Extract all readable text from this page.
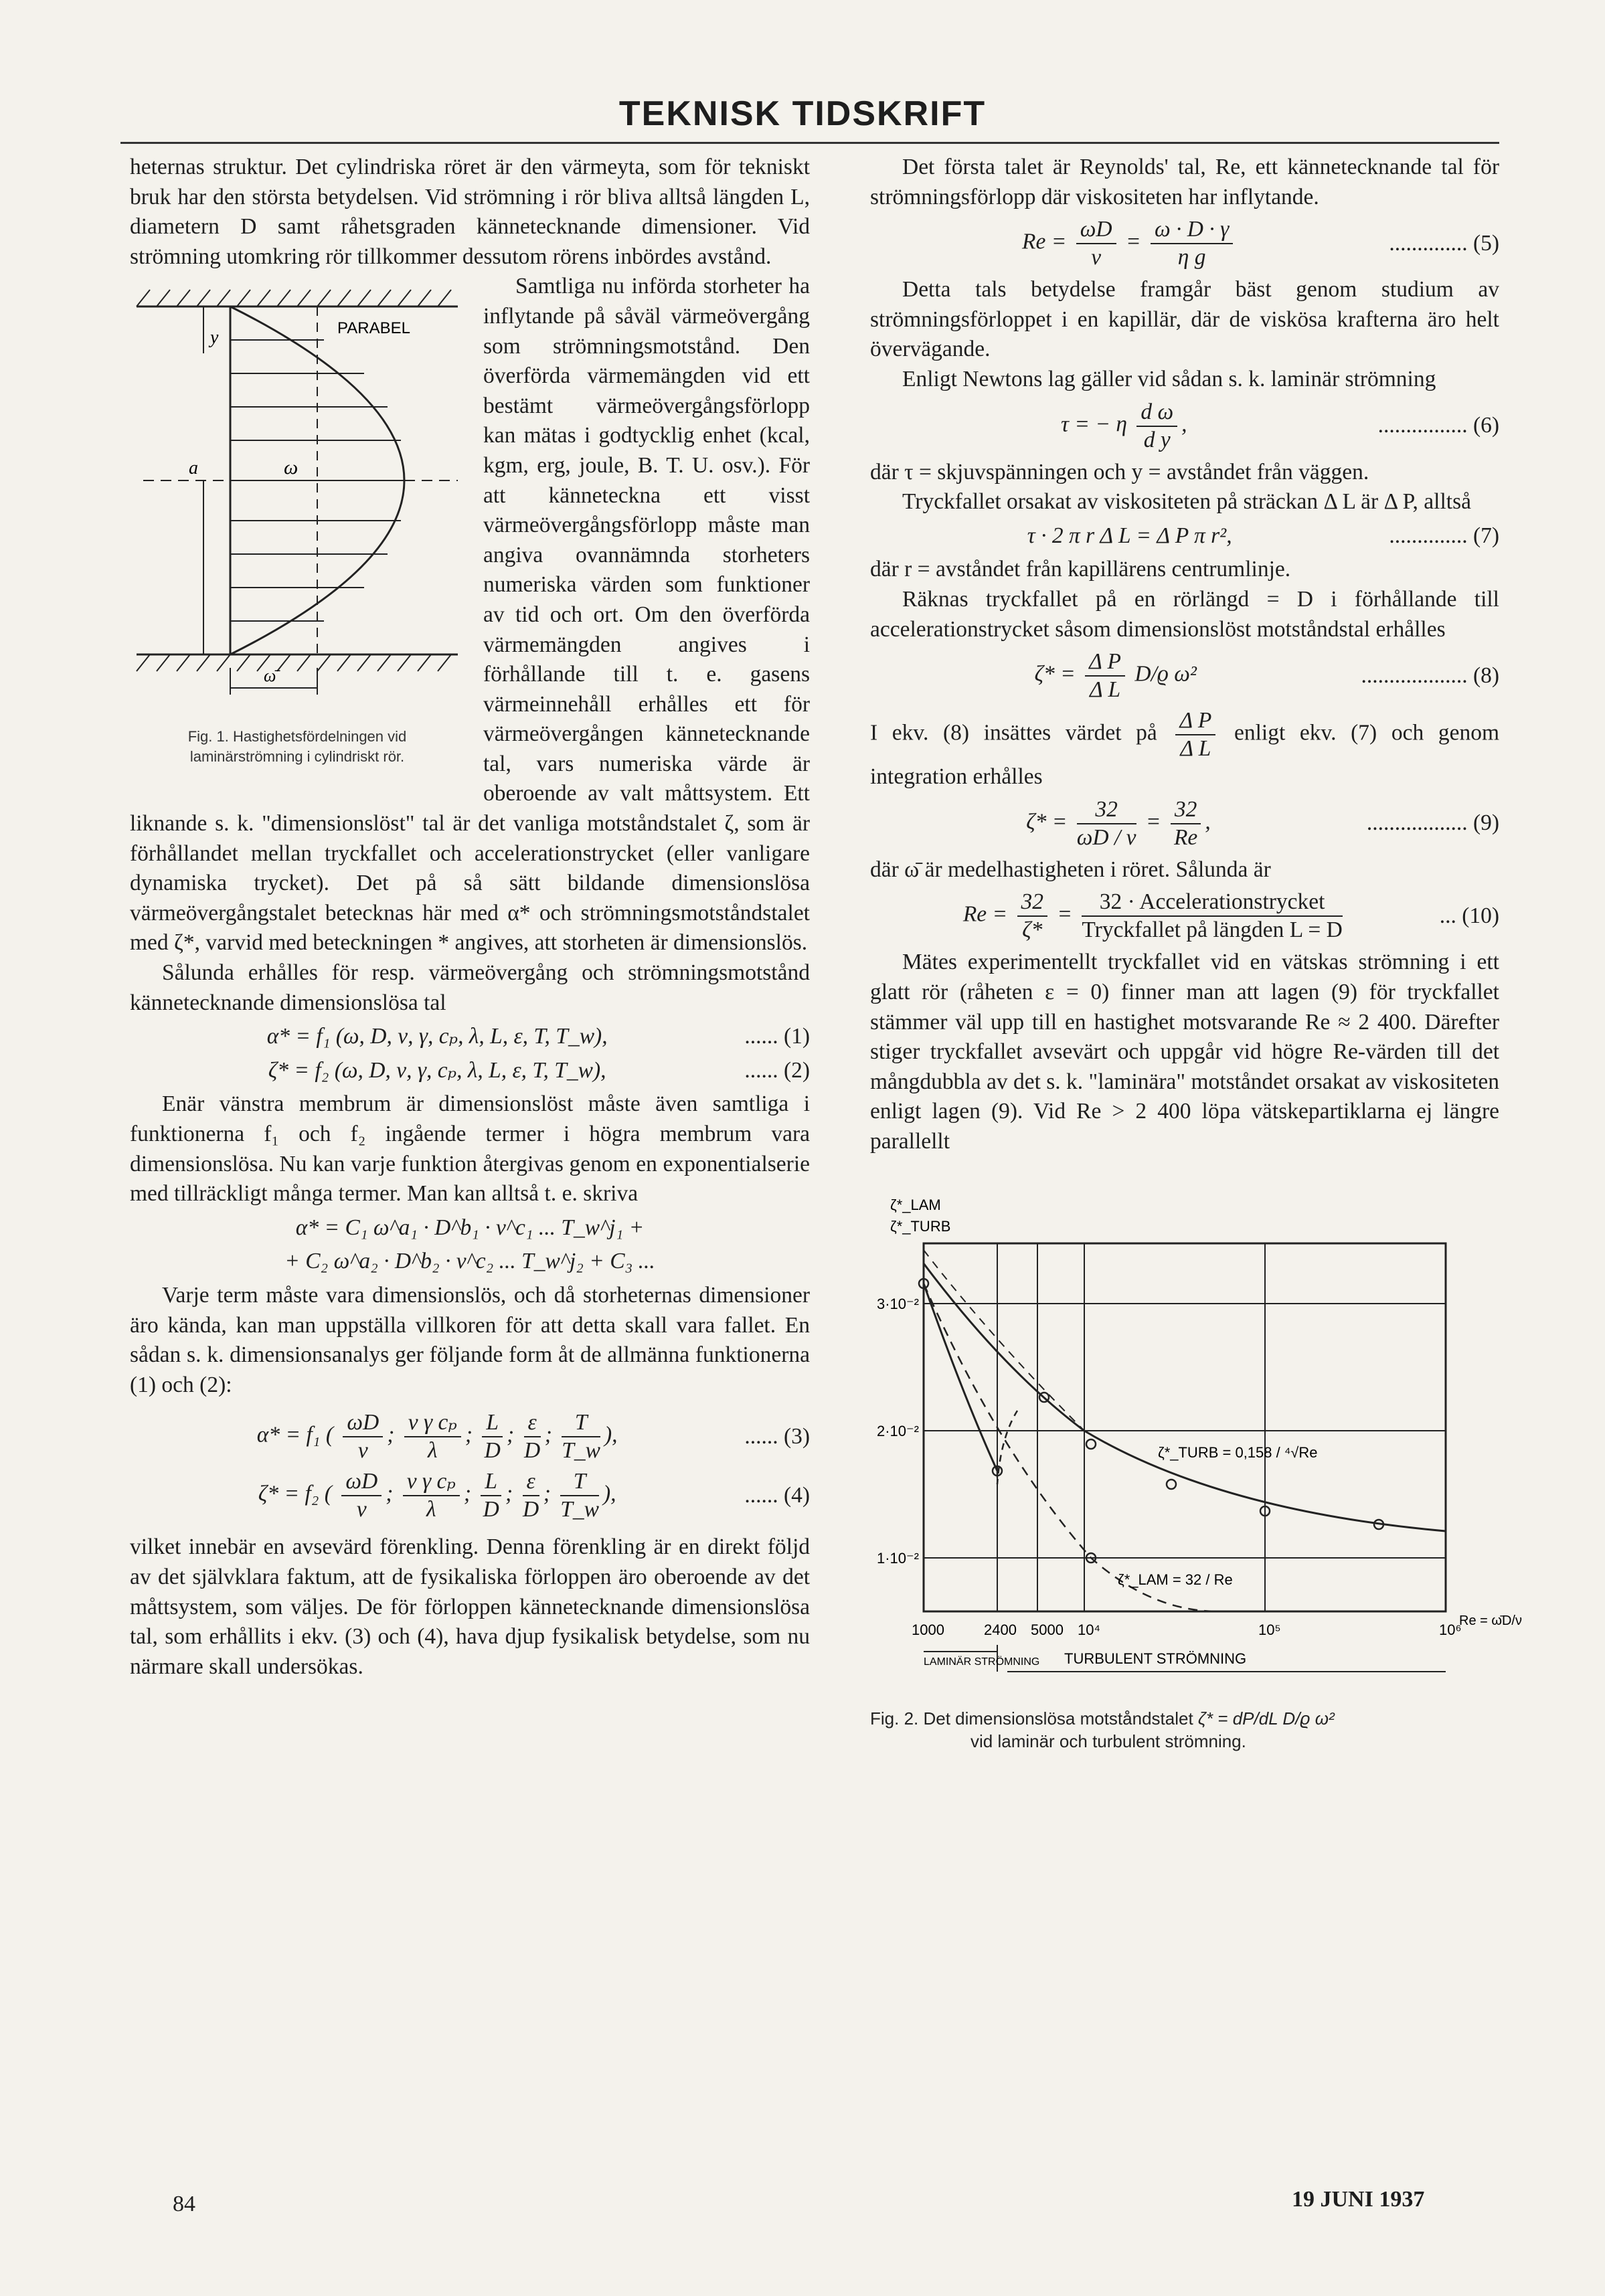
TEKNISK TIDSKRIFT

heternas struktur. Det cylindriska röret är den värmeyta, som för tekniskt bruk har den största betydelsen. Vid strömning i rör bliva alltså längden L, diametern D samt råhetsgraden kännetecknande dimensioner. Vid strömning utomkring rör tillkommer dessutom rörens inbördes avstånd.

PARABEL
y
a	ω
ω̄
Fig. 1. Hastighetsfördelningen vid laminärströmning i cylindriskt rör.

Samtliga nu införda storheter ha inflytande på såväl värmeövergång som strömningsmotstånd. Den överförda värmemängden vid ett bestämt värmeövergångsförlopp kan mätas i godtycklig enhet (kcal, kgm, erg, joule, B. T. U. osv.). För att känneteckna ett visst värmeövergångsförlopp måste man angiva ovannämnda storheters numeriska värden som funktioner av tid och ort. Om den överförda värmemängden angives i förhållande till t. e. gasens värmeinnehåll erhålles ett för värmeövergången kännetecknande tal, vars numeriska värde är oberoende av valt måttsystem. Ett liknande s. k. "dimensionslöst" tal är det vanliga motståndstalet ζ, som är förhållandet mellan tryckfallet och accelerationstrycket (eller vanligare dynamiska trycket). Det på så sätt bildande dimensionslösa värmeövergångstalet betecknas här med α* och strömningsmotståndstalet med ζ*, varvid med beteckningen * angives, att storheten är dimensionslös.

Sålunda erhålles för resp. värmeövergång och strömningsmotstånd kännetecknande dimensionslösa tal

α* = f₁ (ω, D, ν, γ, cₚ, λ, L, ε, T, T_w),	...... (1)
ζ* = f₂ (ω, D, ν, γ, cₚ, λ, L, ε, T, T_w),	...... (2)

Enär vänstra membrum är dimensionslöst måste även samtliga i funktionerna f₁ och f₂ ingående termer i högra membrum vara dimensionslösa. Nu kan varje funktion återgivas genom en exponentialserie med tillräckligt många termer. Man kan alltså t. e. skriva

α* = C₁ ω^a₁ · D^b₁ · ν^c₁ ... T_w^j₁ +
+ C₂ ω^a₂ · D^b₂ · ν^c₂ ... T_w^j₂ + C₃ ...

Varje term måste vara dimensionslös, och då storheternas dimensioner äro kända, kan man uppställa villkoren för att detta skall vara fallet. En sådan s. k. dimensionsanalys ger följande form åt de allmänna funktionerna (1) och (2):

α* = f₁ ( $\frac{\omega D}{\nu}$ ; $\frac{\text{ν γ cₚ}}{\lambda}$ ; $\frac{L}{D}$ ; $\frac{\varepsilon}{D}$ ; $\frac{T}{T\_w}$ ),	...... (3)
ζ* = f₂ ( $\frac{\omega D}{\nu}$ ; $\frac{\text{ν γ cₚ}}{\lambda}$ ; $\frac{L}{D}$ ; $\frac{\varepsilon}{D}$ ; $\frac{T}{T\_w}$ ),	...... (4)

vilket innebär en avsevärd förenkling. Denna förenkling är en direkt följd av det självklara faktum, att de fysikaliska förloppen äro oberoende av det måttsystem, som väljes. De för förloppen kännetecknande dimensionslösa tal, som erhållits i ekv. (3) och (4), hava djup fysikalisk betydelse, som nu närmare skall undersökas.

Det första talet är Reynolds' tal, Re, ett kännetecknande tal för strömningsförlopp där viskositeten har inflytande.

$Re = \frac{\omega D}{\nu} = \frac{\omega \cdot D \cdot \gamma}{\text{η g}}$	.............. (5)

Detta tals betydelse framgår bäst genom studium av strömningsförloppet i en kapillär, där de viskösa krafterna äro helt övervägande.

Enligt Newtons lag gäller vid sådan s. k. laminär strömning

τ = − η $\frac{\text{d ω}}{\text{d y}}$ ,	................ (6)

där τ = skjuvspänningen och y = avståndet från väggen.

Tryckfallet orsakat av viskositeten på sträckan Δ L är Δ P, alltså

τ · 2 π r Δ L = Δ P π r²,	.............. (7)

där r = avståndet från kapillärens centrumlinje.

Räknas tryckfallet på en rörlängd = D i förhållande till accelerationstrycket såsom dimensionslöst motståndstal erhålles

$\zeta* = \frac{\text{Δ P}}{\text{Δ L}} D/ϱ$ ω²	................... (8)

I ekv. (8) insättes värdet på $\frac{\text{Δ P}}{\text{Δ L}}$ enligt ekv. (7) och genom integration erhålles

$\zeta* = \frac{32}{\omega D / \nu} = \frac{32}{Re}$ ,	.................. (9)

där ω̄ är medelhastigheten i röret. Sålunda är

$Re = \frac{32}{\zeta*} = \frac{\text{32 · Accelerationstrycket}}{\text{Tryckfallet på längden L = D}}$	... (10)

Mätes experimentellt tryckfallet vid en vätskas strömning i ett glatt rör (råheten ε = 0) finner man att lagen (9) för tryckfallet stämmer väl upp till en hastighet motsvarande Re ≈ 2 400. Därefter stiger tryckfallet avsevärt och uppgår vid högre Re-värden till det mångdubbla av det s. k. "laminära" motståndet orsakat av viskositeten enligt lagen (9). Vid Re > 2 400 löpa vätskepartiklarna ej längre parallellt

3·10⁻²
2·10⁻²
1·10⁻²
ζ*_LAM
ζ*_TURB
1000	2400 5000 10⁴	10⁵	10⁶
Re = ω̄D/ν
ζ*_TURB = 0,158 / ⁴√Re
ζ*_LAM = 32 / Re
LAMINÄR STRÖMNING TURBULENT STRÖMNING
Fig. 2. Det dimensionslösa motståndstalet ζ* = dP/dL D/ϱ ω²
vid laminär och turbulent strömning.
84	19 JUNI 1937
